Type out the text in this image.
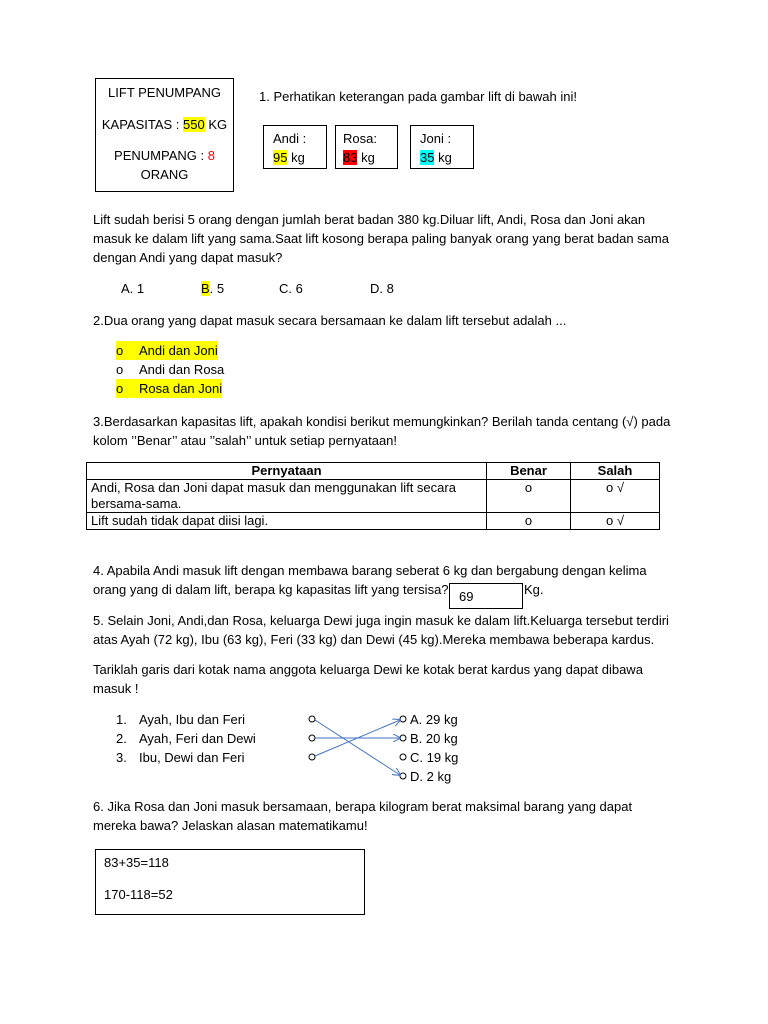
LIFT PENUMPANG
KAPASITAS : 550 KG
PENUMPANG : 8
ORANG
1. Perhatikan keterangan pada gambar lift di bawah ini!
Andi :
95 kg
Rosa:
83 kg
Joni :
35 kg
Lift sudah berisi 5 orang dengan jumlah berat badan 380 kg.Diluar lift, Andi, Rosa dan Joni akan masuk ke dalam lift yang sama.Saat lift kosong berapa paling banyak orang yang berat badan sama dengan Andi yang dapat masuk?
A. 1	B. 5	C. 6	D. 8
2.Dua orang yang dapat masuk secara bersamaan ke dalam lift tersebut adalah ...
o Andi dan Joni
o Andi dan Rosa
o Rosa dan Joni
3.Berdasarkan kapasitas lift, apakah kondisi berikut memungkinkan? Berilah tanda centang (√) pada kolom ’’Benar’’ atau ’’salah’’ untuk setiap pernyataan!
Pernyataan	Benar	Salah
Andi, Rosa dan Joni dapat masuk dan menggunakan lift secara bersama-sama.	o	o √
Lift sudah tidak dapat diisi lagi.	o	o √
4. Apabila Andi masuk lift dengan membawa barang seberat 6 kg dan bergabung dengan kelima orang yang di dalam lift, berapa kg kapasitas lift yang tersisa? 69	Kg.
5. Selain Joni, Andi,dan Rosa, keluarga Dewi juga ingin masuk ke dalam lift.Keluarga tersebut terdiri atas Ayah (72 kg), Ibu (63 kg), Feri (33 kg) dan Dewi (45 kg).Mereka membawa beberapa kardus.
Tariklah garis dari kotak nama anggota keluarga Dewi ke kotak berat kardus yang dapat dibawa masuk !
1. Ayah, Ibu dan Feri
2. Ayah, Feri dan Dewi
3. Ibu, Dewi dan Feri
A. 29 kg
B. 20 kg
C. 19 kg
D. 2 kg
6. Jika Rosa dan Joni masuk bersamaan, berapa kilogram berat maksimal barang yang dapat mereka bawa? Jelaskan alasan matematikamu!
83+35=118
170-118=52
